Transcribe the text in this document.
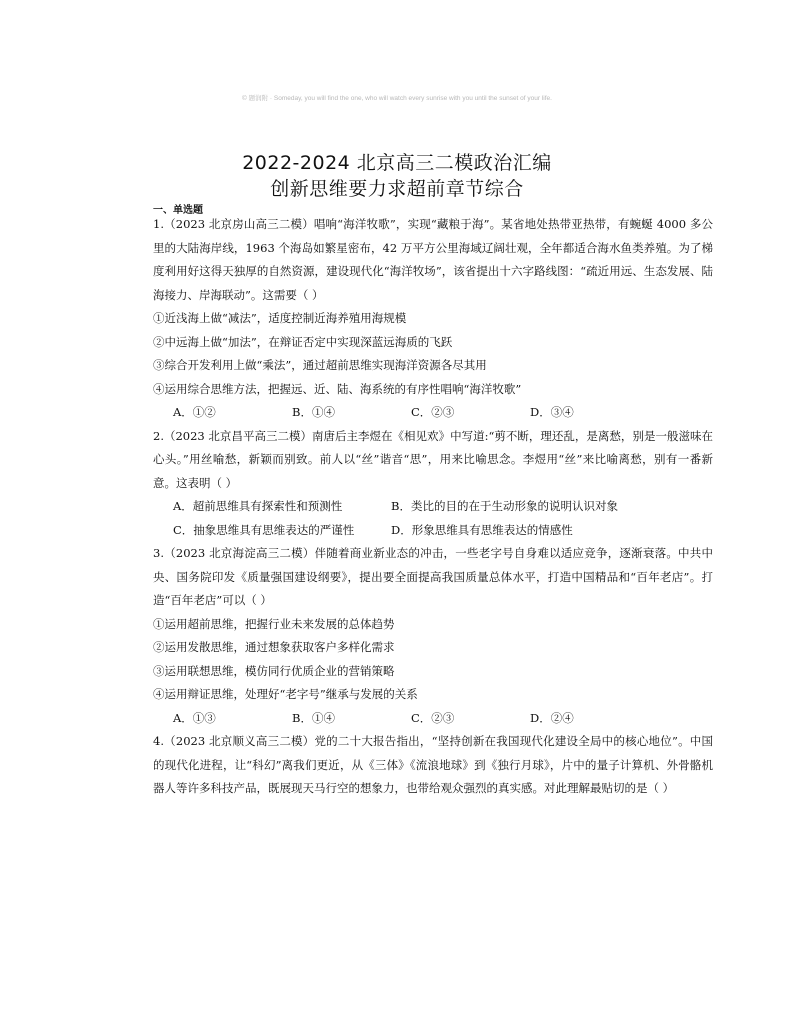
© 题润附 · Someday, you will find the one, who will watch every sunrise with you until the sunset of your life.
2022-2024 北京高三二模政治汇编
创新思维要力求超前章节综合
一、单选题

1.（2023 北京房山高三二模）唱响“海洋牧歌”，实现“藏粮于海”。某省地处热带亚热带，有蜿蜒 4000 多公里的大陆海岸线，1963 个海岛如繁星密布，42 万平方公里海域辽阔壮观，全年都适合海水鱼类养殖。为了梯度利用好这得天独厚的自然资源，建设现代化“海洋牧场”，该省提出十六字路线图：“疏近用远、生态发展、陆海接力、岸海联动”。这需要（ ）

①近浅海上做“减法”，适度控制近海养殖用海规模

②中远海上做“加法”，在辩证否定中实现深蓝远海质的飞跃

③综合开发利用上做“乘法”，通过超前思维实现海洋资源各尽其用

④运用综合思维方法，把握远、近、陆、海系统的有序性唱响“海洋牧歌”

A．①②	B．①④	C．②③	D．③④

2.（2023 北京昌平高三二模）南唐后主李煜在《相见欢》中写道:“剪不断，理还乱，是离愁，别是一般滋味在心头。”用丝喻愁，新颖而别致。前人以“丝”谐音“思”，用来比喻思念。李煜用“丝”来比喻离愁，别有一番新意。这表明（ ）

A．超前思维具有探索性和预测性	B．类比的目的在于生动形象的说明认识对象
C．抽象思维具有思维表达的严谨性	D．形象思维具有思维表达的情感性

3.（2023 北京海淀高三二模）伴随着商业新业态的冲击，一些老字号自身难以适应竞争，逐渐衰落。中共中央、国务院印发《质量强国建设纲要》，提出要全面提高我国质量总体水平，打造中国精品和“百年老店”。打造“百年老店”可以（ ）

①运用超前思维，把握行业未来发展的总体趋势

②运用发散思维，通过想象获取客户多样化需求

③运用联想思维，模仿同行优质企业的营销策略

④运用辩证思维，处理好“老字号”继承与发展的关系

A．①③	B．①④	C．②③	D．②④

4.（2023 北京顺义高三二模）党的二十大报告指出，“坚持创新在我国现代化建设全局中的核心地位”。中国的现代化进程，让“科幻”离我们更近，从《三体》《流浪地球》到《独行月球》，片中的量子计算机、外骨骼机器人等许多科技产品，既展现天马行空的想象力，也带给观众强烈的真实感。对此理解最贴切的是（ ）
